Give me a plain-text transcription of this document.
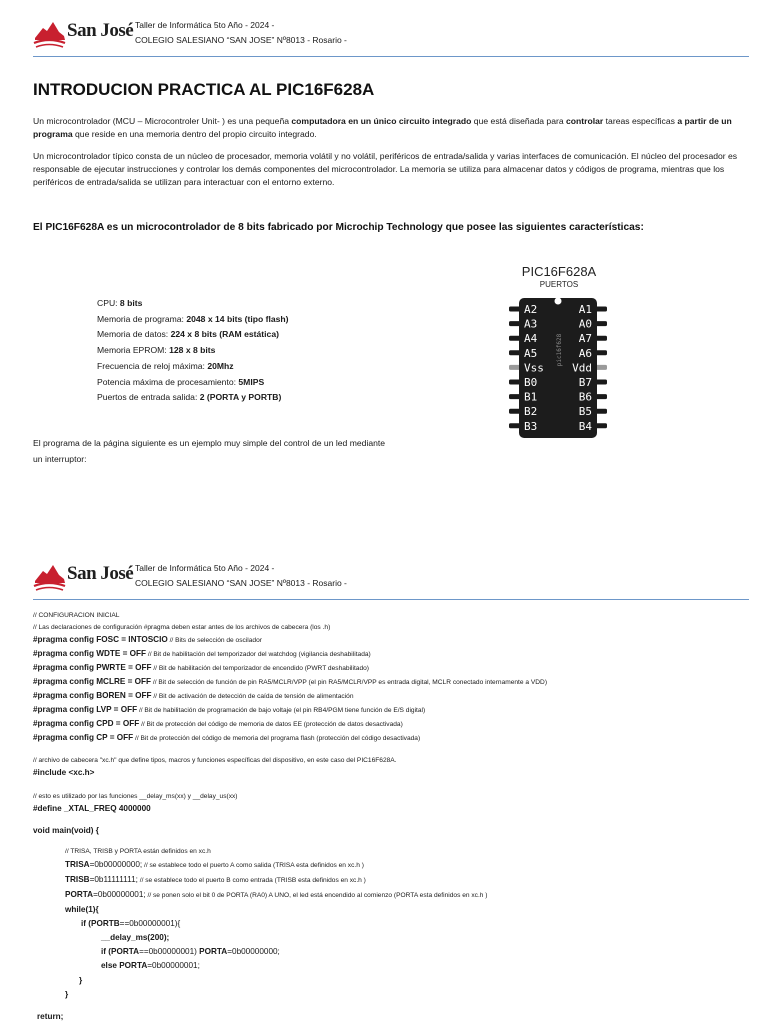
San José Taller de Informática 5to Año - 2024 -
COLEGIO SALESIANO “SAN JOSE” Nº8013 - Rosario -
INTRODUCION PRACTICA AL PIC16F628A
Un microcontrolador (MCU – Microcontroler Unit- ) es una pequeña computadora en un único circuito integrado que está diseñada para controlar tareas específicas a partir de un programa que reside en una memoria dentro del propio circuito integrado.
Un microcontrolador típico consta de un núcleo de procesador, memoria volátil y no volátil, periféricos de entrada/salida y varias interfaces de comunicación. El núcleo del procesador es responsable de ejecutar instrucciones y controlar los demás componentes del microcontrolador. La memoria se utiliza para almacenar datos y códigos de programa, mientras que los periféricos de entrada/salida se utilizan para interactuar con el entorno externo.
El PIC16F628A es un microcontrolador de 8 bits fabricado por Microchip Technology que posee las siguientes características:
CPU: 8 bits
Memoria de programa: 2048 x 14 bits (tipo flash)
Memoria de datos: 224 x 8 bits (RAM estática)
Memoria EPROM: 128 x 8 bits
Frecuencia de reloj máxima: 20Mhz
Potencia máxima de procesamiento: 5MIPS
Puertos de entrada salida: 2 (PORTA y PORTB)
El programa de la página siguiente es un ejemplo muy simple del control de un led mediante
un interruptor:
PIC16F628A
PUERTOS
A2	A1
A3	A0
A4	A7
A5	A6
Vss	Vdd
B0	B7
B1	B6
B2	B5
B3	B4
pic16f628
San José Taller de Informática 5to Año - 2024 -
COLEGIO SALESIANO “SAN JOSE” Nº8013 - Rosario -
// CONFIGURACION INICIAL
// Las declaraciones de configuración #pragma deben estar antes de los archivos de cabecera (los .h)
#pragma config FOSC = INTOSCIO // Bits de selección de oscilador
#pragma config WDTE = OFF // Bit de habilitación del temporizador del watchdog (vigilancia deshabilitada)
#pragma config PWRTE = OFF // Bit de habilitación del temporizador de encendido (PWRT deshabilitado)
#pragma config MCLRE = OFF // Bit de selección de función de pin RA5/MCLR/VPP (el pin RA5/MCLR/VPP es entrada digital, MCLR conectado internamente a VDD)
#pragma config BOREN = OFF // Bit de activación de detección de caída de tensión de alimentación
#pragma config LVP = OFF // Bit de habilitación de programación de bajo voltaje (el pin RB4/PGM tiene función de E/S digital)
#pragma config CPD = OFF // Bit de protección del código de memoria de datos EE (protección de datos desactivada)
#pragma config CP = OFF // Bit de protección del código de memoria del programa flash (protección del código desactivada)
// archivo de cabecera "xc.h" que define tipos, macros y funciones específicas del dispositivo, en este caso del PIC16F628A.
#include <xc.h>
// esto es utilizado por las funciones __delay_ms(xx) y __delay_us(xx)
#define _XTAL_FREQ 4000000
void main(void) {
// TRISA, TRISB y PORTA están definidos en xc.h
TRISA=0b00000000; // se establece todo el puerto A como salida (TRISA esta definidos en xc.h )
TRISB=0b11111111; // se establece todo el puerto B como entrada (TRISB esta definidos en xc.h )
PORTA=0b00000001; // se ponen solo el bit 0 de PORTA (RA0) A UNO, el led está encendido al comienzo (PORTA esta definidos en xc.h )
while(1){
if (PORTB==0b00000001){
__delay_ms(200);
if (PORTA==0b00000001) PORTA=0b00000000;
else PORTA=0b00000001;
}
}
return;
